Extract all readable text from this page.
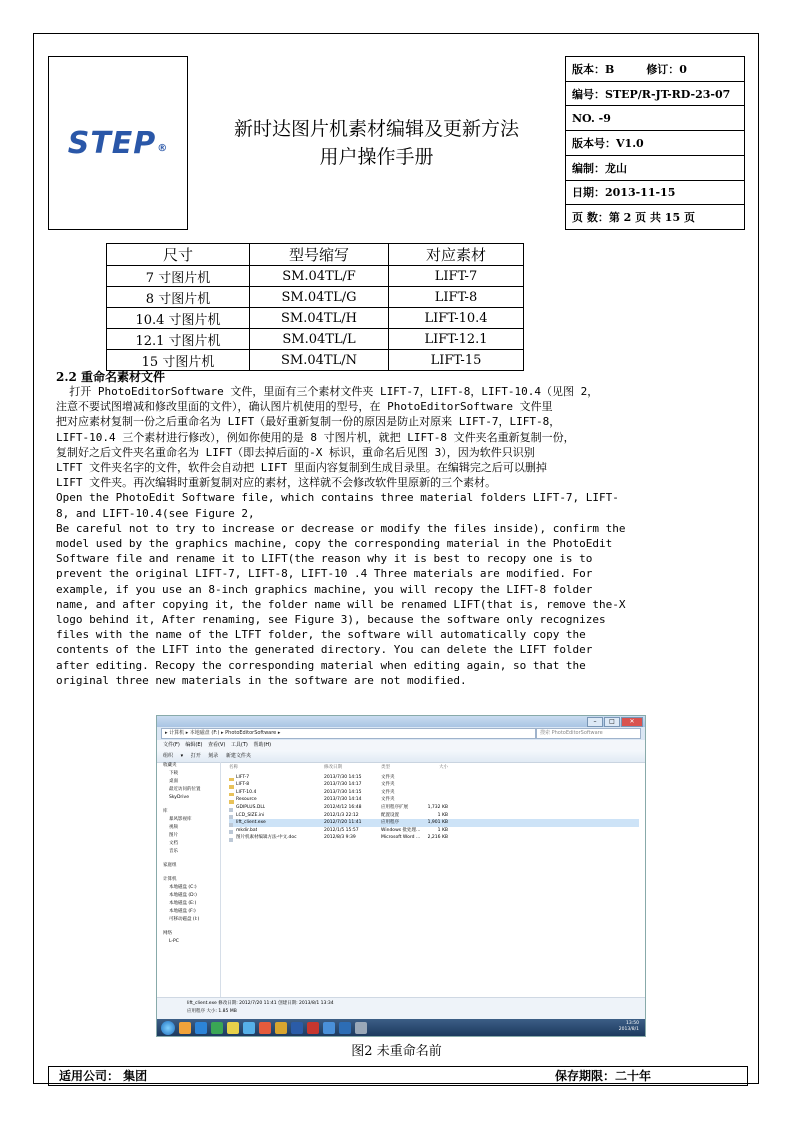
STEP®
新时达图片机素材编辑及更新方法
用户操作手册
版本：B	修订：0
编号：STEP/R-JT-RD-23-07
NO. -9
版本号：V1.0
编制：龙山
日期：2013-11-15
页 数：第 2 页 共 15 页
尺寸	型号缩写	对应素材
7 寸图片机	SM.04TL/F	LIFT-7
8 寸图片机	SM.04TL/G	LIFT-8
10.4 寸图片机	SM.04TL/H	LIFT-10.4
12.1 寸图片机	SM.04TL/L	LIFT-12.1
15 寸图片机	SM.04TL/N	LIFT-15
2.2 重命名素材文件
打开 PhotoEditorSoftware 文件，里面有三个素材文件夹 LIFT-7，LIFT-8，LIFT-10.4（见图 2，
注意不要试图增减和修改里面的文件），确认图片机使用的型号，在 PhotoEditorSoftware 文件里
把对应素材复制一份之后重命名为 LIFT（最好重新复制一份的原因是防止对原来 LIFT-7，LIFT-8，
LIFT-10.4 三个素材进行修改），例如你使用的是 8 寸图片机，就把 LIFT-8 文件夹名重新复制一份，
复制好之后文件夹名重命名为 LIFT（即去掉后面的-X 标识，重命名后见图 3），因为软件只识别
LTFT 文件夹名字的文件，软件会自动把 LIFT 里面内容复制到生成目录里。在编辑完之后可以删掉
LIFT 文件夹。再次编辑时重新复制对应的素材，这样就不会修改软件里原新的三个素材。
Open the PhotoEdit Software file, which contains three material folders LIFT-7, LIFT-
8, and LIFT-10.4(see Figure 2,
Be careful not to try to increase or decrease or modify the files inside), confirm the
model used by the graphics machine, copy the corresponding material in the PhotoEdit
Software file and rename it to LIFT(the reason why it is best to recopy one is to
prevent the original LIFT-7, LIFT-8, LIFT-10 .4 Three materials are modified. For
example, if you use an 8-inch graphics machine, you will recopy the LIFT-8 folder
name, and after copying it, the folder name will be renamed LIFT(that is, remove the-X
logo behind it, After renaming, see Figure 3), because the software only recognizes
files with the name of the LTFT folder, the software will automatically copy the
contents of the LIFT into the generated directory. You can delete the LIFT folder
after editing. Recopy the corresponding material when editing again, so that the
original three new materials in the software are not modified.
–	□	✕
▸ 计算机 ▸ 本地磁盘 (F:) ▸ PhotoEditorSoftware ▸	搜索 PhotoEditorSoftware
文件(F) 编辑(E) 查看(V) 工具(T) 帮助(H)
组织 ▾ 打开 刻录 新建文件夹
收藏夹
下载
桌面
最近访问的位置
SkyDrive
库
暴风影视库
视频
图片
文档
音乐
家庭组
计算机
本地磁盘 (C:)
本地磁盘 (D:)
本地磁盘 (E:)
本地磁盘 (F:)
可移动磁盘 (I:)
网络
L-PC
名称	修改日期	类型	大小
LIFT-7	2013/7/30 14:15	文件夹
LIFT-8	2013/7/30 14:17	文件夹
LIFT-10.4	2013/7/30 14:15	文件夹
Resource	2013/7/30 14:14	文件夹
GDIPLUS.DLL	2012/4/12 16:48	应用程序扩展	1,732 KB
LCD_SIZE.ini	2012/1/3 22:12	配置设置	1 KB
lift_client.exe	2012/7/20 11:41	应用程序	1,901 KB
mkdir.bat	2012/1/5 15:57	Windows 批处理...	1 KB
图片机素材编辑方法-中文.doc	2012/8/3 9:39	Microsoft Word ...	2,216 KB
lift_client.exe 修改日期: 2012/7/20 11:41 创建日期: 2013/8/1 13:34
应用程序 大小: 1.85 MB
13:50
2013/8/1
图2 未重命名前
适用公司： 集团	保存期限：二十年
